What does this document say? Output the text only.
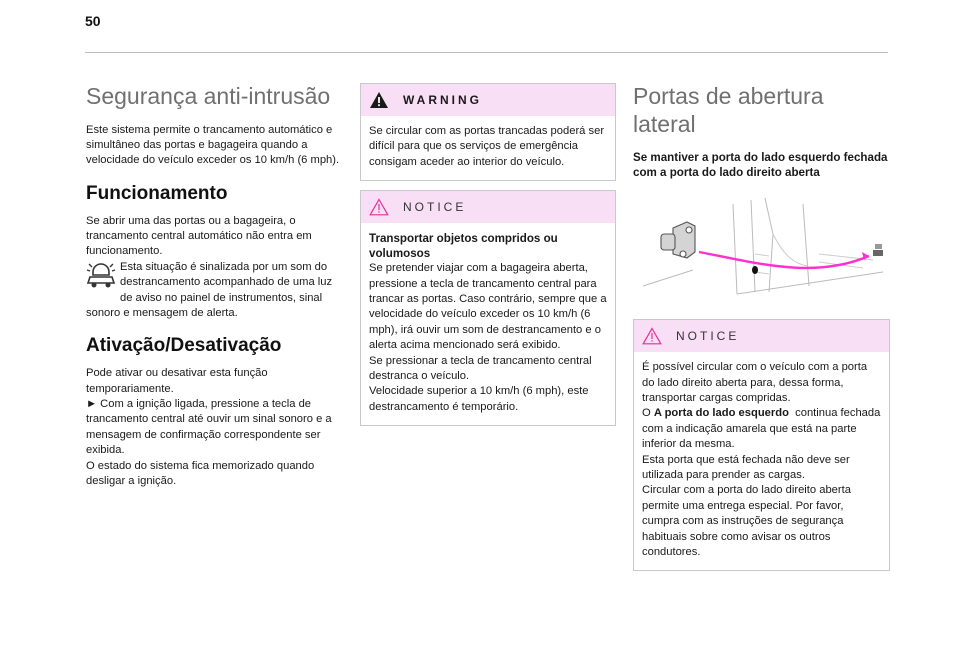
50
Segurança anti-intrusão

Este sistema permite o trancamento automático e simultâneo das portas e bagageira quando a velocidade do veículo exceder os 10 km/h (6 mph).

Funcionamento

Se abrir uma das portas ou a bagageira, o trancamento central automático não entra em funcionamento.

Esta situação é sinalizada por um som do destrancamento acompanhado de uma luz de aviso no painel de instrumentos, sinal sonoro e mensagem de alerta.

Ativação/Desativação

Pode ativar ou desativar esta função temporariamente.

► Com a ignição ligada, pressione a tecla de trancamento central até ouvir um sinal sonoro e a mensagem de confirmação correspondente ser exibida.

O estado do sistema fica memorizado quando desligar a ignição.

WARNING

Se circular com as portas trancadas poderá ser difícil para que os serviços de emergência consigam aceder ao interior do veículo.

NOTICE

Transportar objetos compridos ou volumosos

Se pretender viajar com a bagageira aberta, pressione a tecla de trancamento central para trancar as portas. Caso contrário, sempre que a velocidade do veículo exceder os 10 km/h (6 mph), irá ouvir um som de destrancamento e o alerta acima mencionado será exibido.

Se pressionar a tecla de trancamento central destranca o veículo.

Velocidade superior a 10 km/h (6 mph), este destrancamento é temporário.

Portas de abertura lateral

Se mantiver a porta do lado esquerdo fechada com a porta do lado direito aberta

NOTICE

É possível circular com o veículo com a porta do lado direito aberta para, dessa forma, transportar cargas compridas.

O A porta do lado esquerdo  continua fechada com a indicação amarela que está na parte inferior da mesma.

Esta porta que está fechada não deve ser utilizada para prender as cargas.

Circular com a porta do lado direito aberta permite uma entrega especial. Por favor, cumpra com as instruções de segurança habituais sobre como avisar os outros condutores.
